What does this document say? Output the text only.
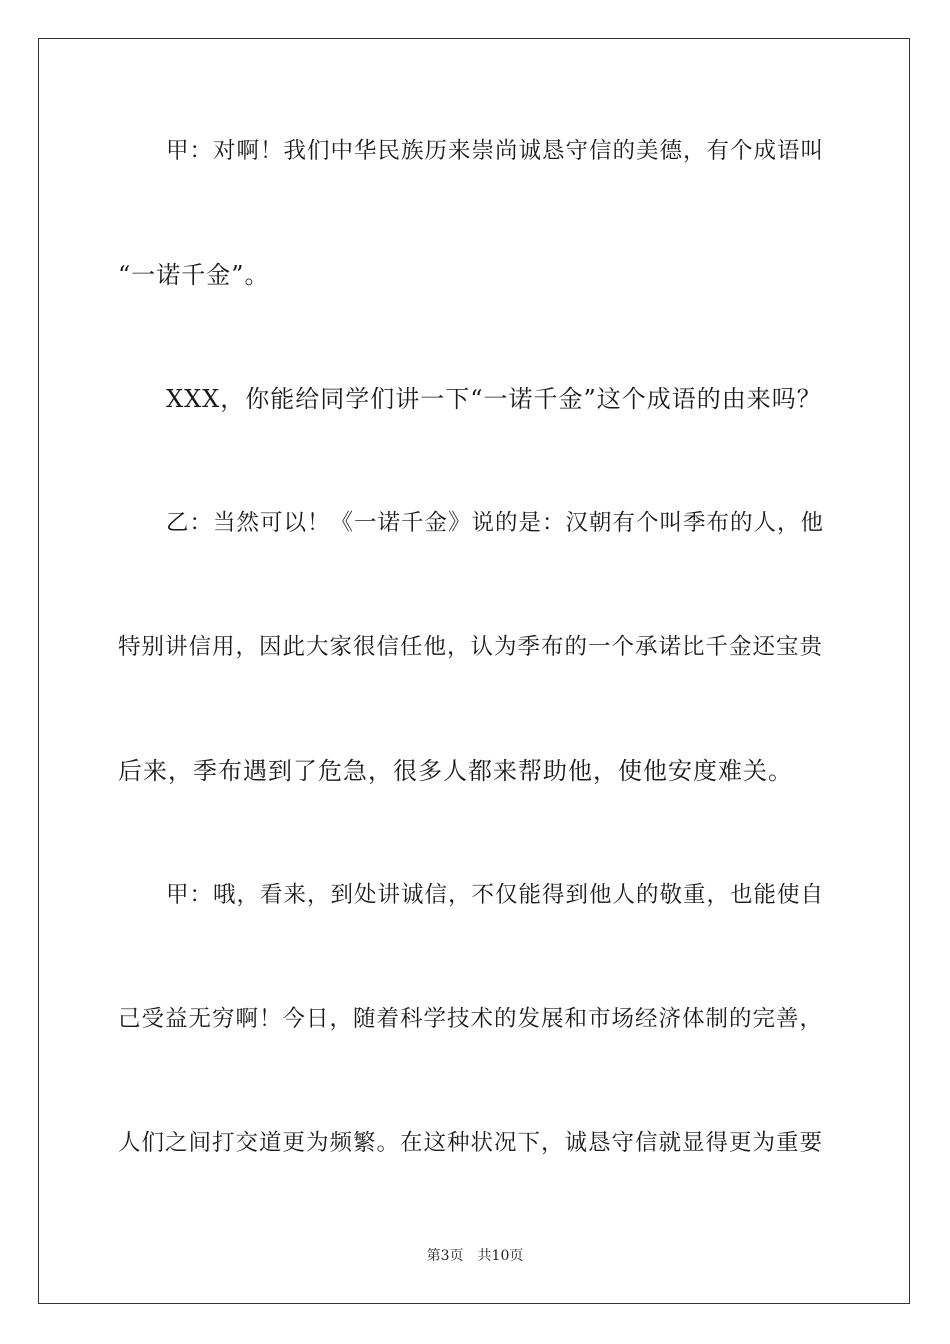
甲：对啊！我们中华民族历来崇尚诚恳守信的美德，有个成语叫
“一诺千金”。
XXX，你能给同学们讲一下“一诺千金”这个成语的由来吗？
乙：当然可以！《一诺千金》说的是：汉朝有个叫季布的人，他
特别讲信用，因此大家很信任他，认为季布的一个承诺比千金还宝贵
后来，季布遇到了危急，很多人都来帮助他，使他安度难关。
甲：哦，看来，到处讲诚信，不仅能得到他人的敬重，也能使自
己受益无穷啊！今日，随着科学技术的发展和市场经济体制的完善，
人们之间打交道更为频繁。在这种状况下，诚恳守信就显得更为重要
第3页 共10页
